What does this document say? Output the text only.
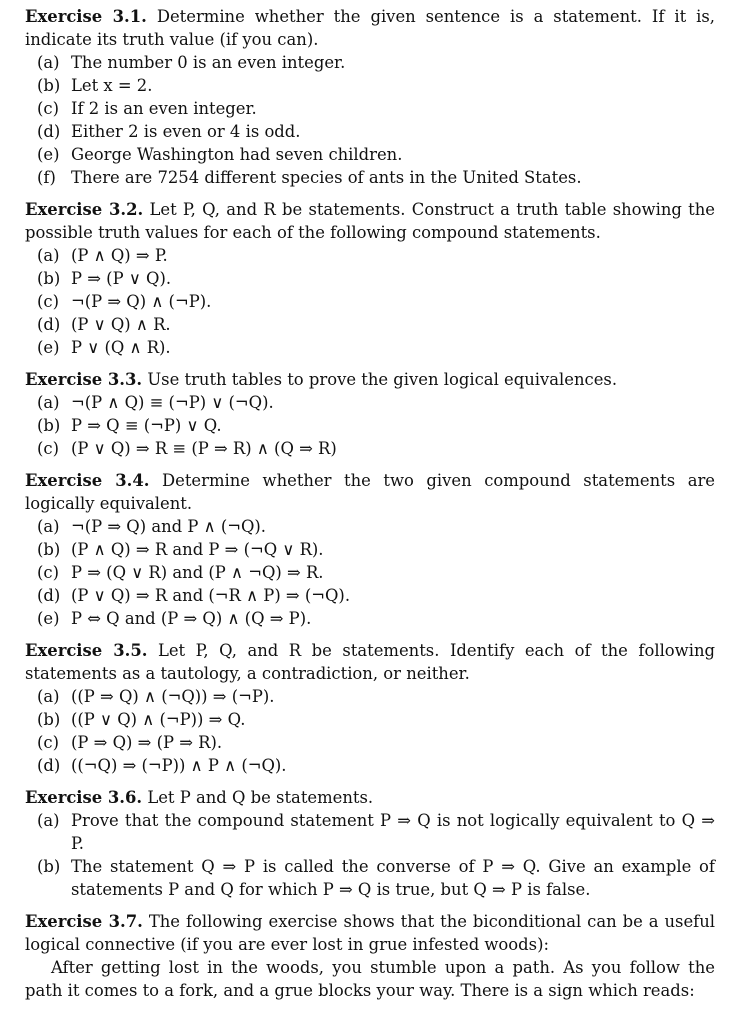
Exercise 3.1. Determine whether the given sentence is a statement. If it is, indicate its truth value (if you can).

(a) The number 0 is an even integer.
(b) Let x = 2.
(c) If 2 is an even integer.
(d) Either 2 is even or 4 is odd.
(e) George Washington had seven children.
(f) There are 7254 different species of ants in the United States.

Exercise 3.2. Let P, Q, and R be statements. Construct a truth table showing the possible truth values for each of the following compound statements.

(a) (P ∧ Q) ⇒ P.
(b) P ⇒ (P ∨ Q).
(c) ¬(P ⇒ Q) ∧ (¬P).
(d) (P ∨ Q) ∧ R.
(e) P ∨ (Q ∧ R).

Exercise 3.3. Use truth tables to prove the given logical equivalences.

(a) ¬(P ∧ Q) ≡ (¬P) ∨ (¬Q).
(b) P ⇒ Q ≡ (¬P) ∨ Q.
(c) (P ∨ Q) ⇒ R ≡ (P ⇒ R) ∧ (Q ⇒ R)

Exercise 3.4. Determine whether the two given compound statements are logically equivalent.

(a) ¬(P ⇒ Q) and P ∧ (¬Q).
(b) (P ∧ Q) ⇒ R and P ⇒ (¬Q ∨ R).
(c) P ⇒ (Q ∨ R) and (P ∧ ¬Q) ⇒ R.
(d) (P ∨ Q) ⇒ R and (¬R ∧ P) ⇒ (¬Q).
(e) P ⇔ Q and (P ⇒ Q) ∧ (Q ⇒ P).

Exercise 3.5. Let P, Q, and R be statements. Identify each of the following statements as a tautology, a contradiction, or neither.

(a) ((P ⇒ Q) ∧ (¬Q)) ⇒ (¬P).
(b) ((P ∨ Q) ∧ (¬P)) ⇒ Q.
(c) (P ⇒ Q) ⇒ (P ⇒ R).
(d) ((¬Q) ⇒ (¬P)) ∧ P ∧ (¬Q).

Exercise 3.6. Let P and Q be statements.

(a) Prove that the compound statement P ⇒ Q is not logically equivalent to Q ⇒ P.
(b) The statement Q ⇒ P is called the converse of P ⇒ Q. Give an example of statements P and Q for which P ⇒ Q is true, but Q ⇒ P is false.

Exercise 3.7. The following exercise shows that the biconditional can be a useful logical connective (if you are ever lost in grue infested woods):

After getting lost in the woods, you stumble upon a path. As you follow the path it comes to a fork, and a grue blocks your way. There is a sign which reads:
